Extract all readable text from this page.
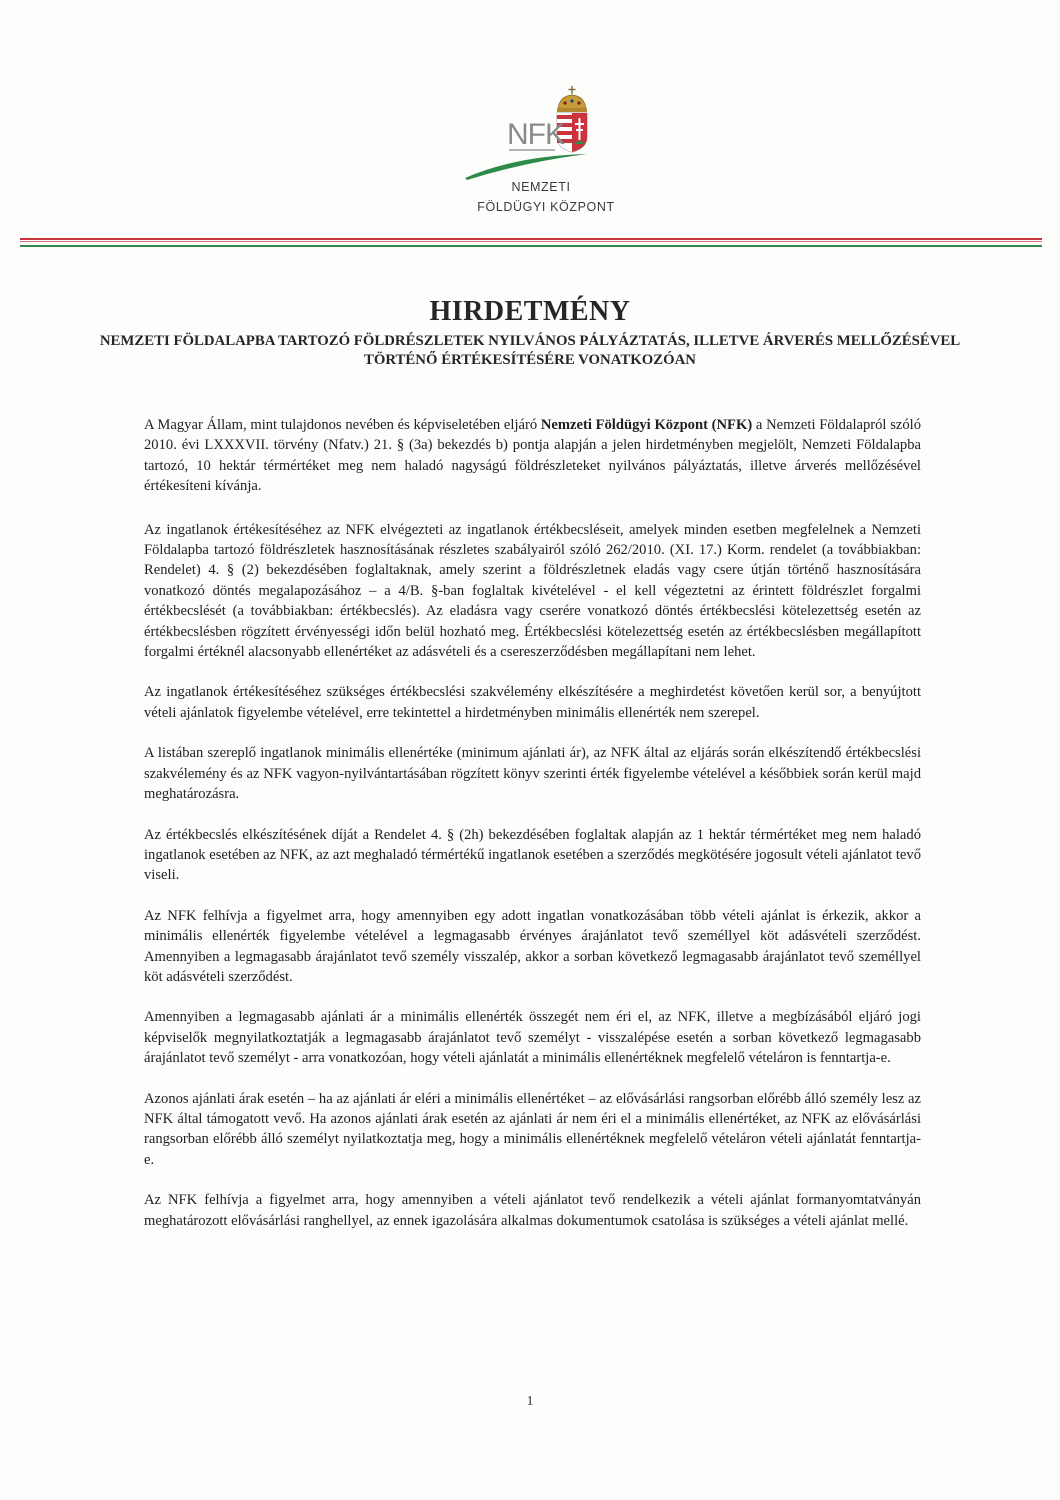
NFK
NEMZETI
FÖLDÜGYI KÖZPONT
HIRDETMÉNY
NEMZETI FÖLDALAPBA TARTOZÓ FÖLDRÉSZLETEK NYILVÁNOS PÁLYÁZTATÁS, ILLETVE ÁRVERÉS MELLŐZÉSÉVEL TÖRTÉNŐ ÉRTÉKESÍTÉSÉRE VONATKOZÓAN

A Magyar Állam, mint tulajdonos nevében és képviseletében eljáró Nemzeti Földügyi Központ (NFK) a Nemzeti Földalapról szóló 2010. évi LXXXVII. törvény (Nfatv.) 21. § (3a) bekezdés b) pontja alapján a jelen hirdetményben megjelölt, Nemzeti Földalapba tartozó, 10 hektár térmértéket meg nem haladó nagyságú földrészleteket nyilvános pályáztatás, illetve árverés mellőzésével értékesíteni kívánja.

Az ingatlanok értékesítéséhez az NFK elvégezteti az ingatlanok értékbecsléseit, amelyek minden esetben megfelelnek a Nemzeti Földalapba tartozó földrészletek hasznosításának részletes szabályairól szóló 262/2010. (XI. 17.) Korm. rendelet (a továbbiakban: Rendelet) 4. § (2) bekezdésében foglaltaknak, amely szerint a földrészletnek eladás vagy csere útján történő hasznosítására vonatkozó döntés megalapozásához – a 4/B. §-ban foglaltak kivételével - el kell végeztetni az érintett földrészlet forgalmi értékbecslését (a továbbiakban: értékbecslés). Az eladásra vagy cserére vonatkozó döntés értékbecslési kötelezettség esetén az értékbecslésben rögzített érvényességi időn belül hozható meg. Értékbecslési kötelezettség esetén az értékbecslésben megállapított forgalmi értéknél alacsonyabb ellenértéket az adásvételi és a csereszerződésben megállapítani nem lehet.

Az ingatlanok értékesítéséhez szükséges értékbecslési szakvélemény elkészítésére a meghirdetést követően kerül sor, a benyújtott vételi ajánlatok figyelembe vételével, erre tekintettel a hirdetményben minimális ellenérték nem szerepel.

A listában szereplő ingatlanok minimális ellenértéke (minimum ajánlati ár), az NFK által az eljárás során elkészítendő értékbecslési szakvélemény és az NFK vagyon-nyilvántartásában rögzített könyv szerinti érték figyelembe vételével a későbbiek során kerül majd meghatározásra.

Az értékbecslés elkészítésének díját a Rendelet 4. § (2h) bekezdésében foglaltak alapján az 1 hektár térmértéket meg nem haladó ingatlanok esetében az NFK, az azt meghaladó térmértékű ingatlanok esetében a szerződés megkötésére jogosult vételi ajánlatot tevő viseli.

Az NFK felhívja a figyelmet arra, hogy amennyiben egy adott ingatlan vonatkozásában több vételi ajánlat is érkezik, akkor a minimális ellenérték figyelembe vételével a legmagasabb érvényes árajánlatot tevő személlyel köt adásvételi szerződést. Amennyiben a legmagasabb árajánlatot tevő személy visszalép, akkor a sorban következő legmagasabb árajánlatot tevő személlyel köt adásvételi szerződést.

Amennyiben a legmagasabb ajánlati ár a minimális ellenérték összegét nem éri el, az NFK, illetve a megbízásából eljáró jogi képviselők megnyilatkoztatják a legmagasabb árajánlatot tevő személyt - visszalépése esetén a sorban következő legmagasabb árajánlatot tevő személyt - arra vonatkozóan, hogy vételi ajánlatát a minimális ellenértéknek megfelelő vételáron is fenntartja-e.

Azonos ajánlati árak esetén – ha az ajánlati ár eléri a minimális ellenértéket – az elővásárlási rangsorban előrébb álló személy lesz az NFK által támogatott vevő. Ha azonos ajánlati árak esetén az ajánlati ár nem éri el a minimális ellenértéket, az NFK az elővásárlási rangsorban előrébb álló személyt nyilatkoztatja meg, hogy a minimális ellenértéknek megfelelő vételáron vételi ajánlatát fenntartja-e.

Az NFK felhívja a figyelmet arra, hogy amennyiben a vételi ajánlatot tevő rendelkezik a vételi ajánlat formanyomtatványán meghatározott elővásárlási ranghellyel, az ennek igazolására alkalmas dokumentumok csatolása is szükséges a vételi ajánlat mellé.

1
